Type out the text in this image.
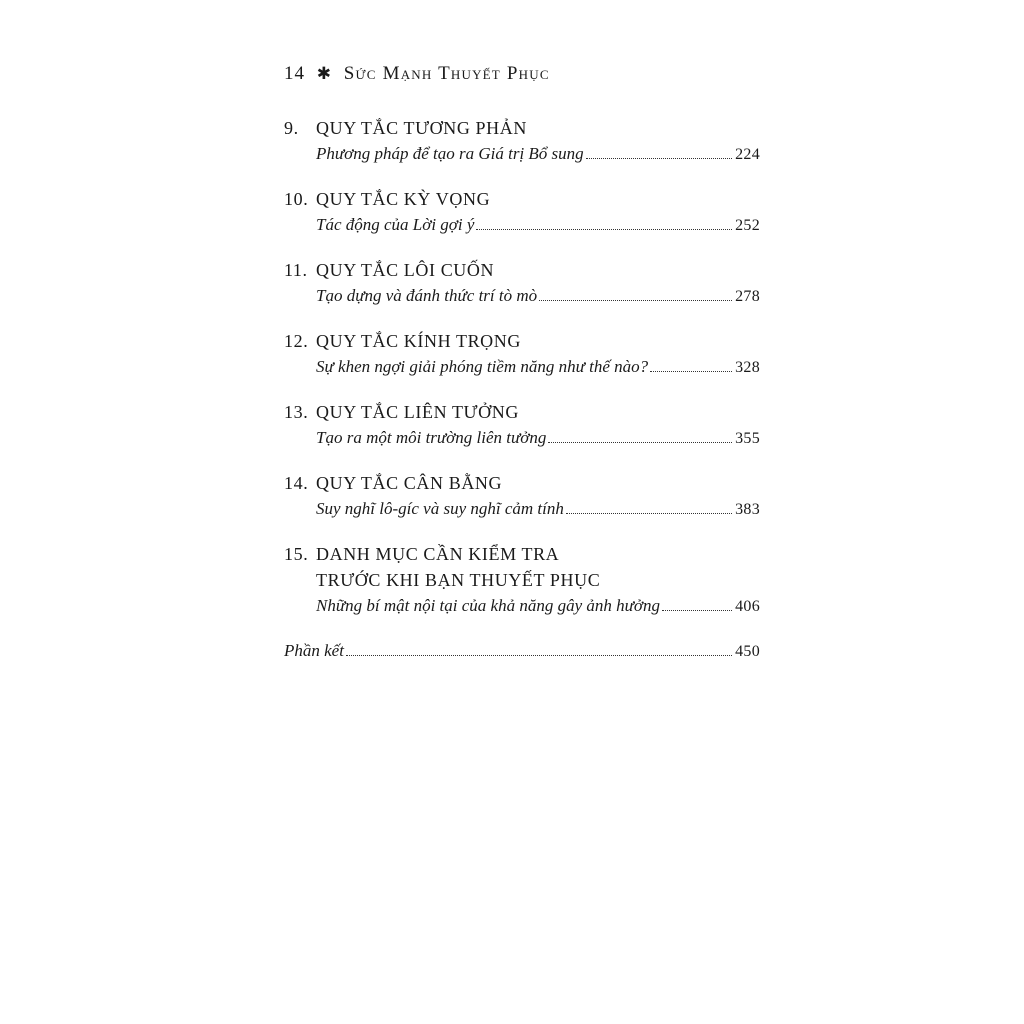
14 ✱ Sức Mạnh Thuyết Phục
9. QUY TẮC TƯƠNG PHẢN
Phương pháp để tạo ra Giá trị Bổ sung	224
10. QUY TẮC KỲ VỌNG
Tác động của Lời gợi ý	252
11. QUY TẮC LÔI CUỐN
Tạo dựng và đánh thức trí tò mò	278
12. QUY TẮC KÍNH TRỌNG
Sự khen ngợi giải phóng tiềm năng như thế nào?	328
13. QUY TẮC LIÊN TƯỞNG
Tạo ra một môi trường liên tưởng	355
14. QUY TẮC CÂN BẰNG
Suy nghĩ lô-gíc và suy nghĩ cảm tính	383
15. DANH MỤC CẦN KIỂM TRA
TRƯỚC KHI BẠN THUYẾT PHỤC
Những bí mật nội tại của khả năng gây ảnh hưởng	406
Phần kết	450
